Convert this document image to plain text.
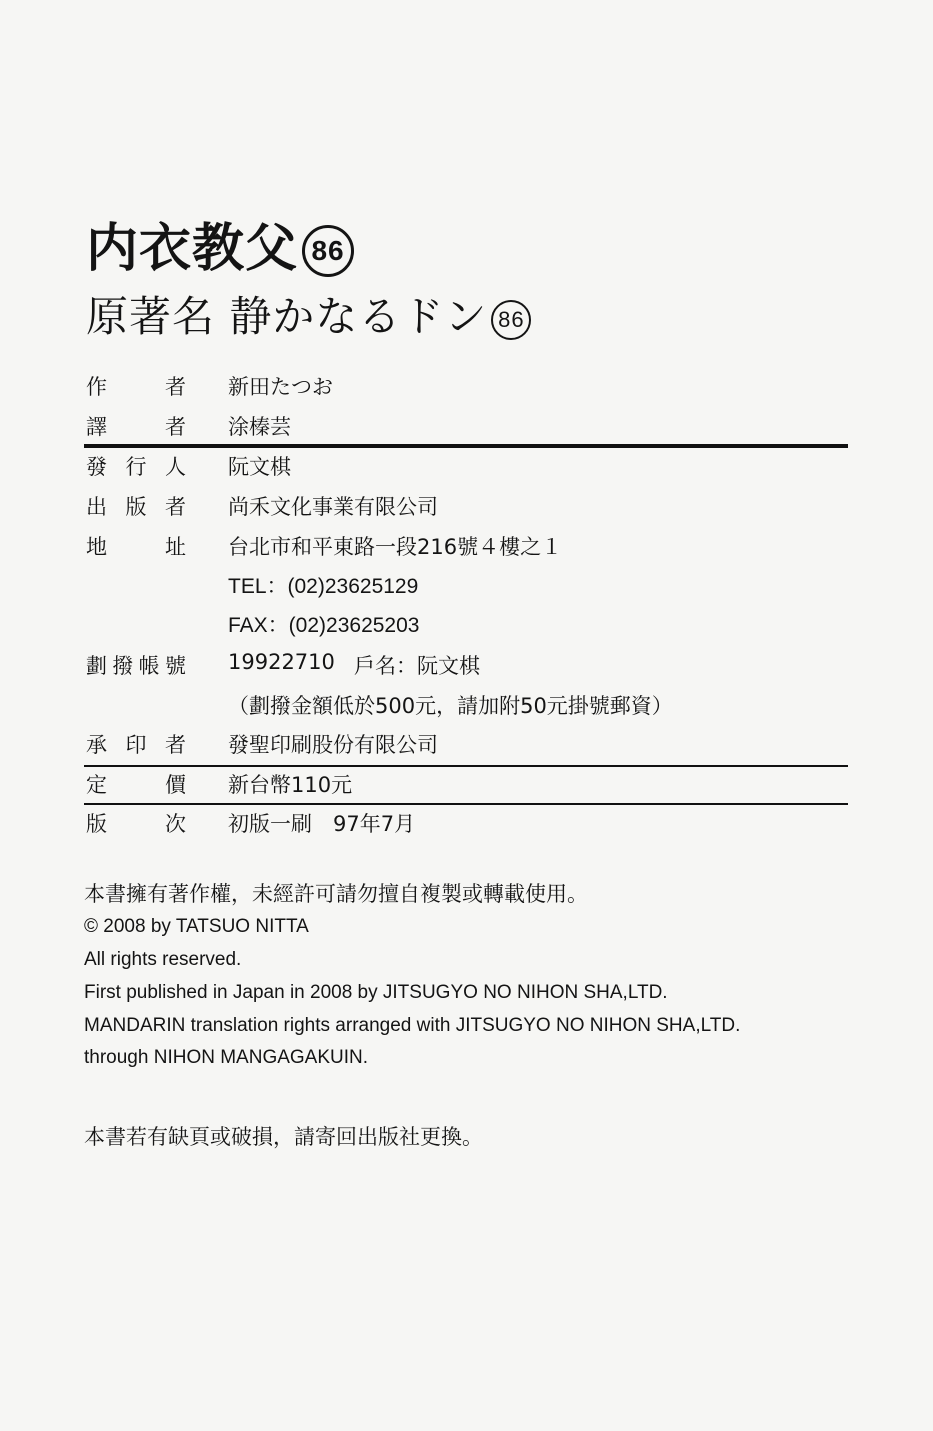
内衣教父 86
原著名 静かなるドン 86
作	者 新田たつお
譯	者 涂榛芸
發 行 人 阮文棋
出 版 者 尚禾文化事業有限公司
地	址 台北市和平東路一段216號４樓之１
TEL：(02)23625129
FAX：(02)23625203
劃 撥 帳 號 19922710 戶名：阮文棋
（劃撥金額低於500元，請加附50元掛號郵資）
承 印 者 發聖印刷股份有限公司
定	價 新台幣110元
版	次 初版一刷　97年7月
本書擁有著作權，未經許可請勿擅自複製或轉載使用。
© 2008 by TATSUO NITTA
All rights reserved.
First published in Japan in 2008 by JITSUGYO NO NIHON SHA,LTD.
MANDARIN translation rights arranged with JITSUGYO NO NIHON SHA,LTD.
through NIHON MANGAGAKUIN.
本書若有缺頁或破損，請寄回出版社更換。
